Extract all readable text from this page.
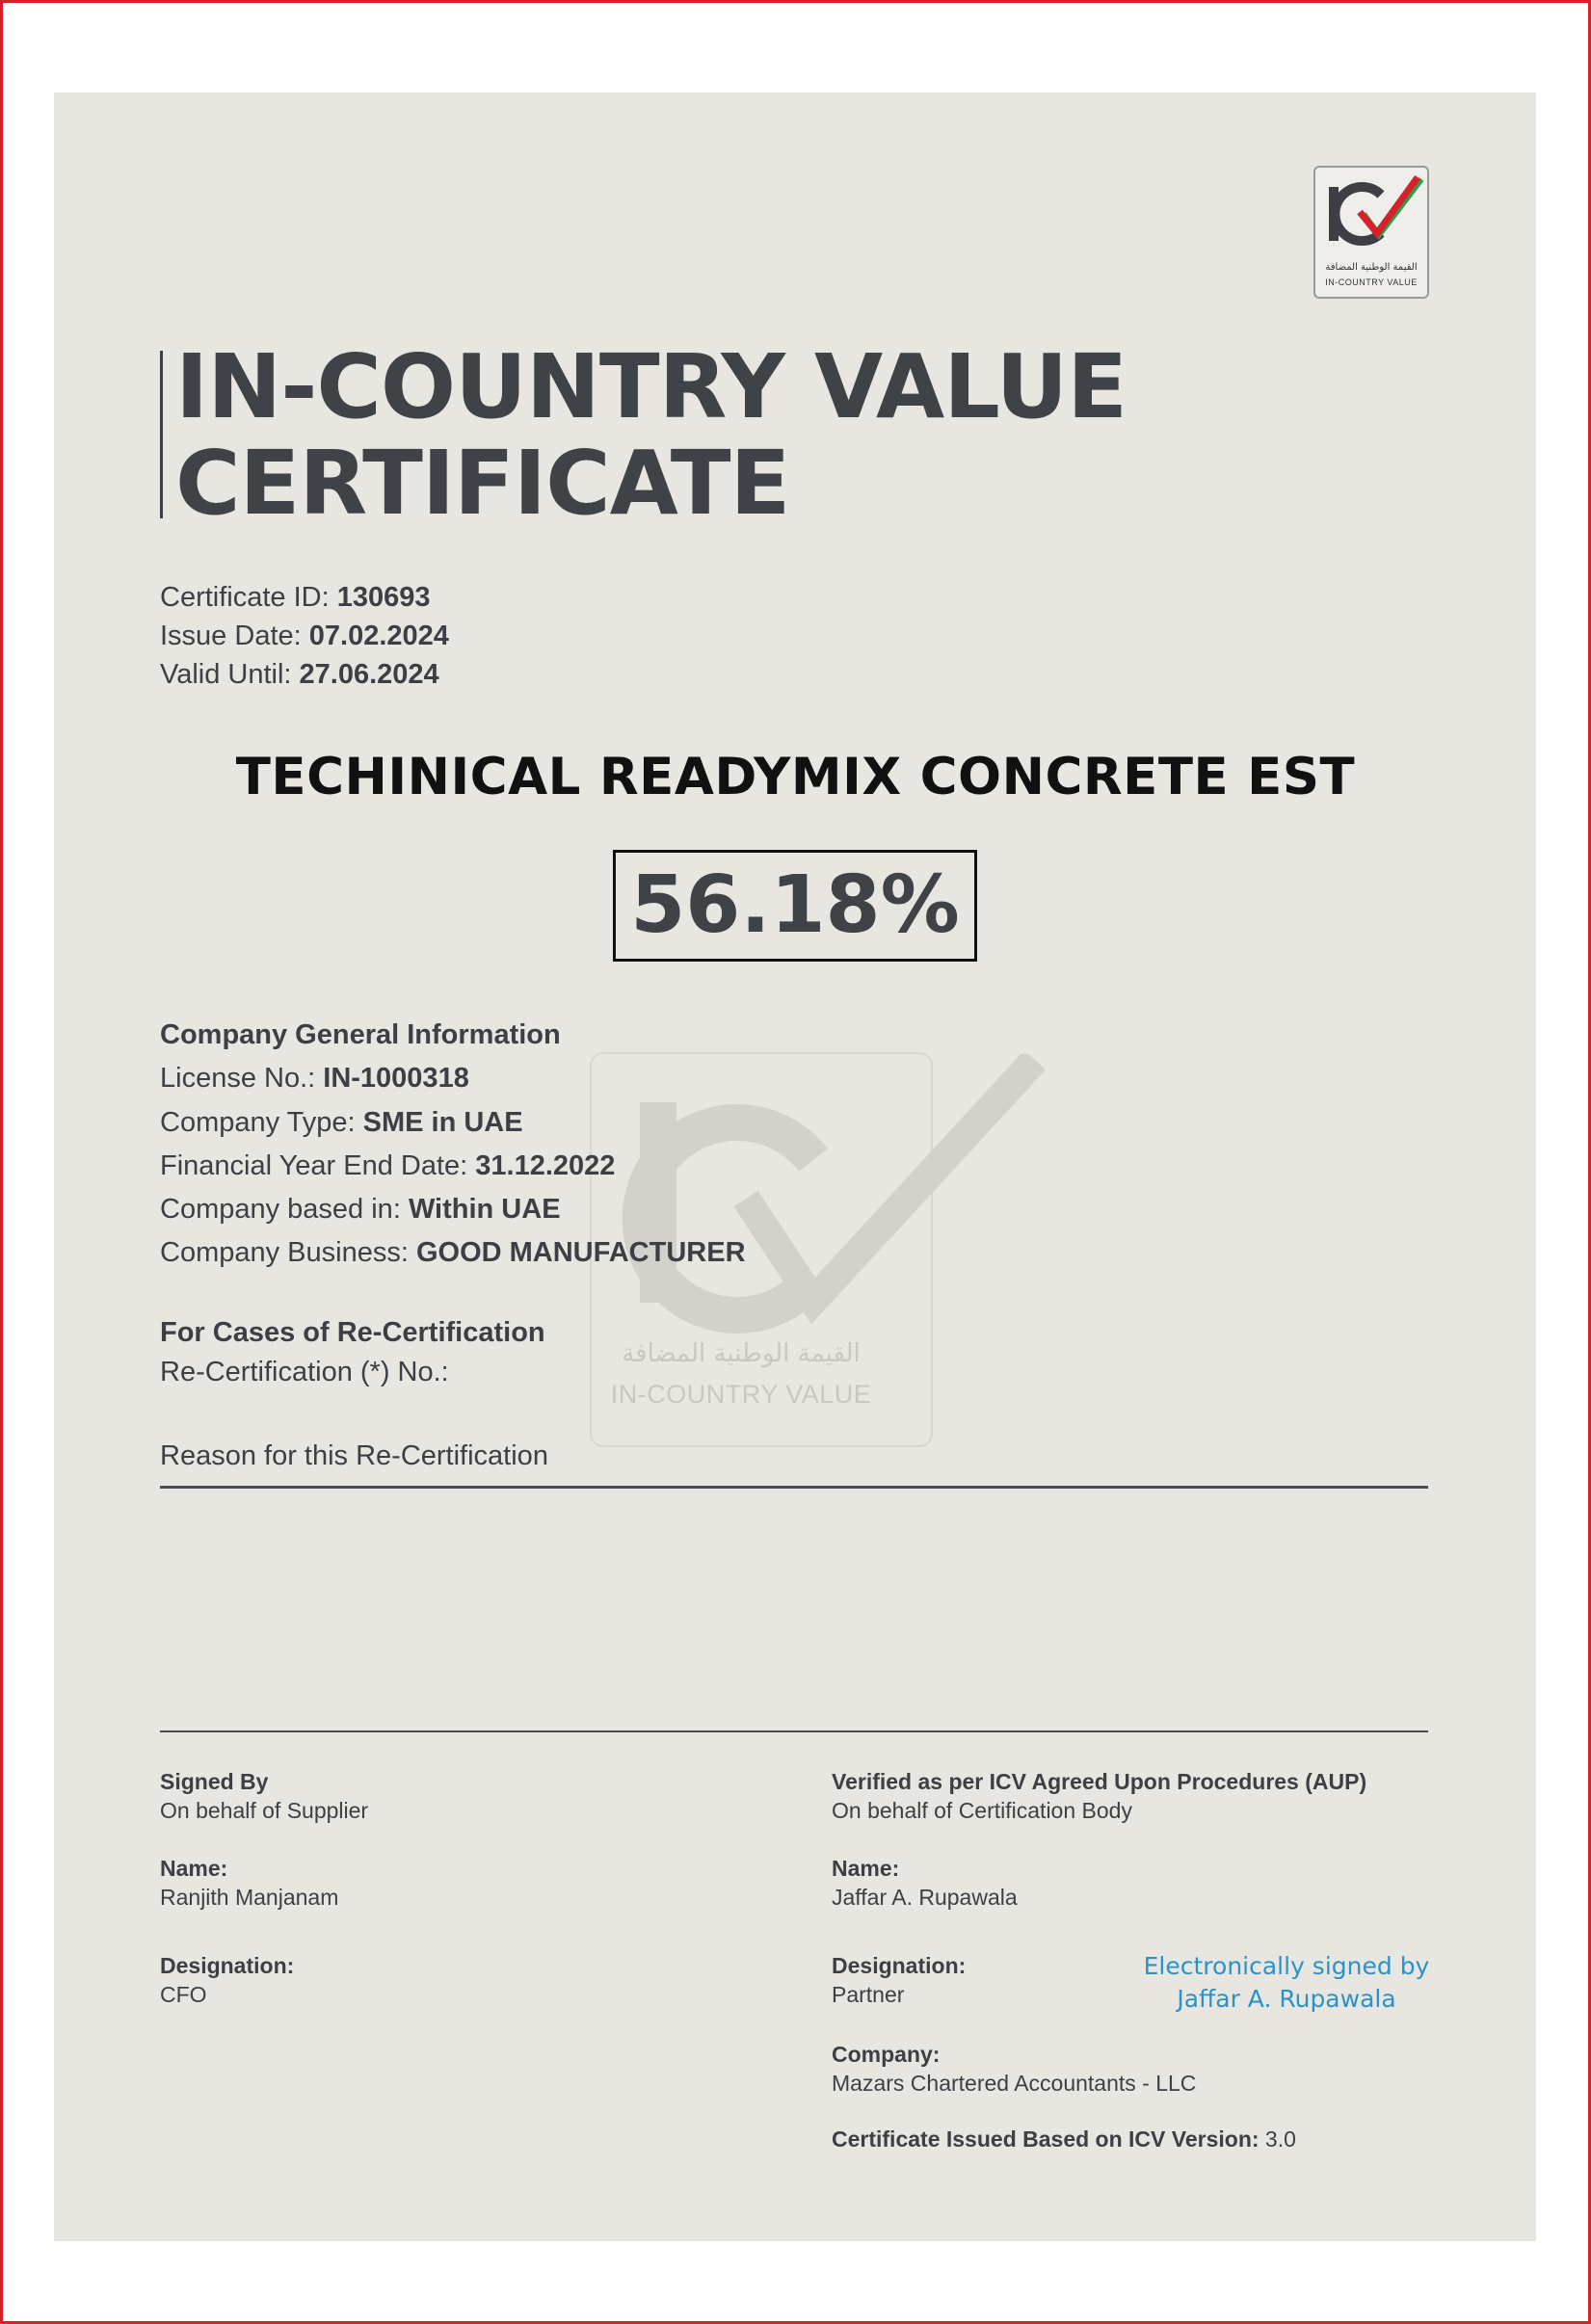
القيمة الوطنية المضافة
IN-COUNTRY VALUE
القيمة الوطنية المضافة
IN-COUNTRY VALUE
IN-COUNTRY VALUE
CERTIFICATE
Certificate ID: 130693
Issue Date: 07.02.2024
Valid Until: 27.06.2024
TECHINICAL READYMIX CONCRETE EST
56.18%
Company General Information
License No.: IN-1000318
Company Type: SME in UAE
Financial Year End Date: 31.12.2022
Company based in: Within UAE
Company Business: GOOD MANUFACTURER
For Cases of Re-Certification
Re-Certification (*) No.:
Reason for this Re-Certification
Signed By
On behalf of Supplier
Name:
Ranjith Manjanam
Designation:
CFO
Verified as per ICV Agreed Upon Procedures (AUP)
On behalf of Certification Body
Name:
Jaffar A. Rupawala
Designation:
Partner
Company:
Mazars Chartered Accountants - LLC
Certificate Issued Based on ICV Version: 3.0
Electronically signed by
Jaffar A. Rupawala
